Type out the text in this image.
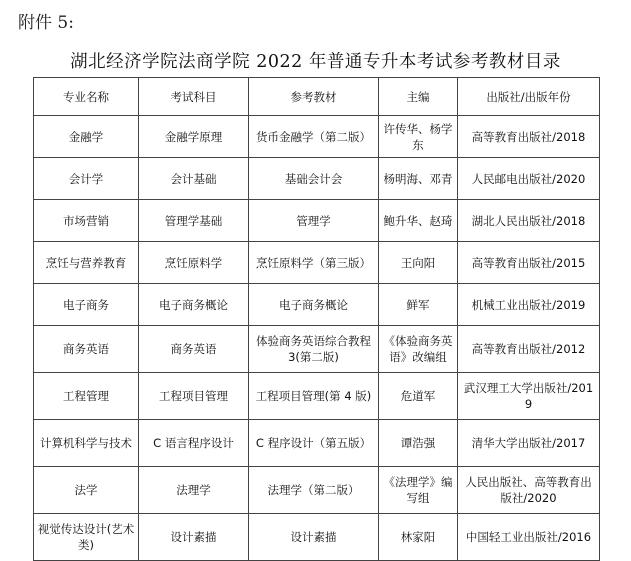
附件 5:
湖北经济学院法商学院 2022 年普通专升本考试参考教材目录
专业名称	考试科目	参考教材	主编	出版社/出版年份
金融学	金融学原理	货币金融学（第二版）	许传华、杨学东	高等教育出版社/2018
会计学	会计基础	基础会计会	杨明海、邓青	人民邮电出版社/2020
市场营销	管理学基础	管理学	鲍升华、赵琦	湖北人民出版社/2018
烹饪与营养教育	烹饪原料学	烹饪原料学（第三版）	王向阳	高等教育出版社/2015
电子商务	电子商务概论	电子商务概论	鲜军	机械工业出版社/2019
商务英语	商务英语	体验商务英语综合教程 3(第二版)	《体验商务英语》改编组	高等教育出版社/2012
工程管理	工程项目管理	工程项目管理(第 4 版)	危道军	武汉理工大学出版社/2019
计算机科学与技术	C 语言程序设计	C 程序设计（第五版）	谭浩强	清华大学出版社/2017
法学	法理学	法理学（第二版）	《法理学》编写组	人民出版社、高等教育出版社/2020
视觉传达设计(艺术类)	设计素描	设计素描	林家阳	中国轻工业出版社/2016
